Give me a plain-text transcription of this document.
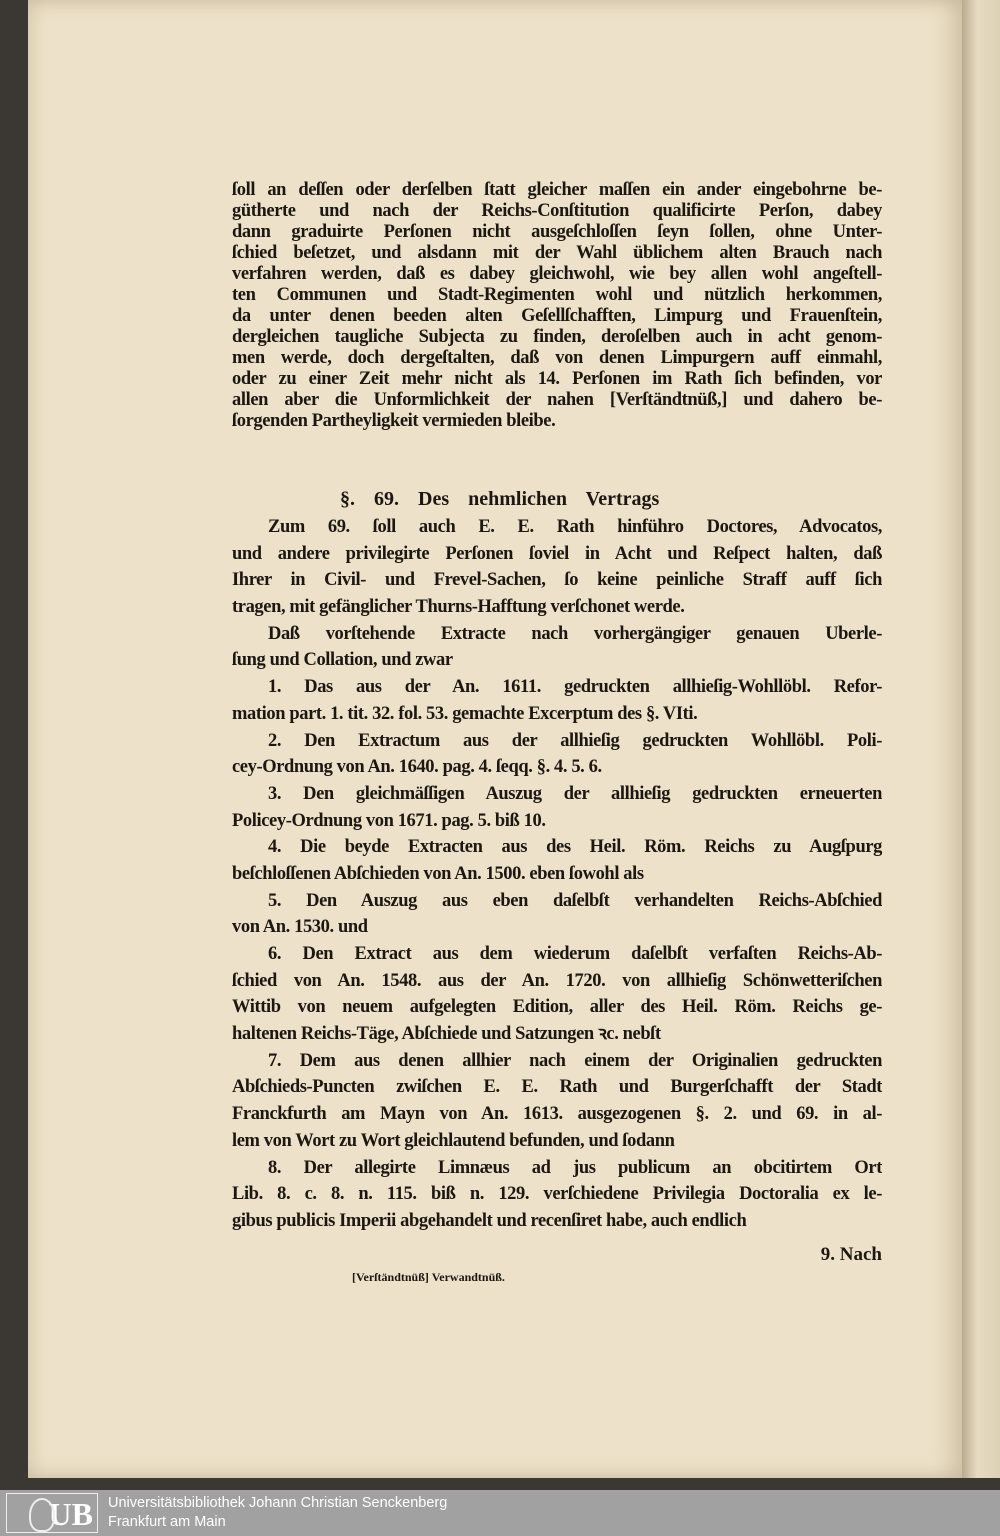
ſoll an deſſen oder derſelben ſtatt gleicher maſſen ein ander eingebohrne be-
gütherte und nach der Reichs-Conſtitution qualificirte Perſon, dabey
dann graduirte Perſonen nicht ausgeſchloſſen ſeyn ſollen, ohne Unter-
ſchied beſetzet, und alsdann mit der Wahl üblichem alten Brauch nach
verfahren werden, daß es dabey gleichwohl, wie bey allen wohl angeſtell-
ten Communen und Stadt-Regimenten wohl und nützlich herkommen,
da unter denen beeden alten Geſellſchafften, Limpurg und Frauenſtein,
dergleichen taugliche Subjecta zu finden, deroſelben auch in acht genom-
men werde, doch dergeſtalten, daß von denen Limpurgern auff einmahl,
oder zu einer Zeit mehr nicht als 14. Perſonen im Rath ſich befinden, vor
allen aber die Unformlichkeit der nahen [Verſtändtnüß,] und dahero be-
ſorgenden Partheyligkeit vermieden bleibe.
§. 69. Des nehmlichen Vertrags
Zum 69. ſoll auch E. E. Rath hinführo Doctores, Advocatos,
und andere privilegirte Perſonen ſoviel in Acht und Reſpect halten, daß
Ihrer in Civil- und Frevel-Sachen, ſo keine peinliche Straff auff ſich
tragen, mit gefänglicher Thurns-Hafftung verſchonet werde.
Daß vorſtehende Extracte nach vorhergängiger genauen Uberle-
ſung und Collation, und zwar
1. Das aus der An. 1611. gedruckten allhieſig-Wohllöbl. Refor-
mation part. 1. tit. 32. fol. 53. gemachte Excerptum des §. VIti.
2. Den Extractum aus der allhieſig gedruckten Wohllöbl. Poli-
cey-Ordnung von An. 1640. pag. 4. ſeqq. §. 4. 5. 6.
3. Den gleichmäſſigen Auszug der allhieſig gedruckten erneuerten
Policey-Ordnung von 1671. pag. 5. biß 10.
4. Die beyde Extracten aus des Heil. Röm. Reichs zu Augſpurg
beſchloſſenen Abſchieden von An. 1500. eben ſowohl als
5. Den Auszug aus eben daſelbſt verhandelten Reichs-Abſchied
von An. 1530. und
6. Den Extract aus dem wiederum daſelbſt verfaſten Reichs-Ab-
ſchied von An. 1548. aus der An. 1720. von allhieſig Schönwetteriſchen
Wittib von neuem aufgelegten Edition, aller des Heil. Röm. Reichs ge-
haltenen Reichs-Täge, Abſchiede und Satzungen ꝛc. nebſt
7. Dem aus denen allhier nach einem der Originalien gedruckten
Abſchieds-Puncten zwiſchen E. E. Rath und Burgerſchafft der Stadt
Franckfurth am Mayn von An. 1613. ausgezogenen §. 2. und 69. in al-
lem von Wort zu Wort gleichlautend befunden, und ſodann
8. Der allegirte Limnæus ad jus publicum an obcitirtem Ort
Lib. 8. c. 8. n. 115. biß n. 129. verſchiedene Privilegia Doctoralia ex le-
gibus publicis Imperii abgehandelt und recenſiret habe, auch endlich
9. Nach
[Verſtändtnüß] Verwandtnüß.
UB	Universitätsbibliothek Johann Christian Senckenberg
Frankfurt am Main
